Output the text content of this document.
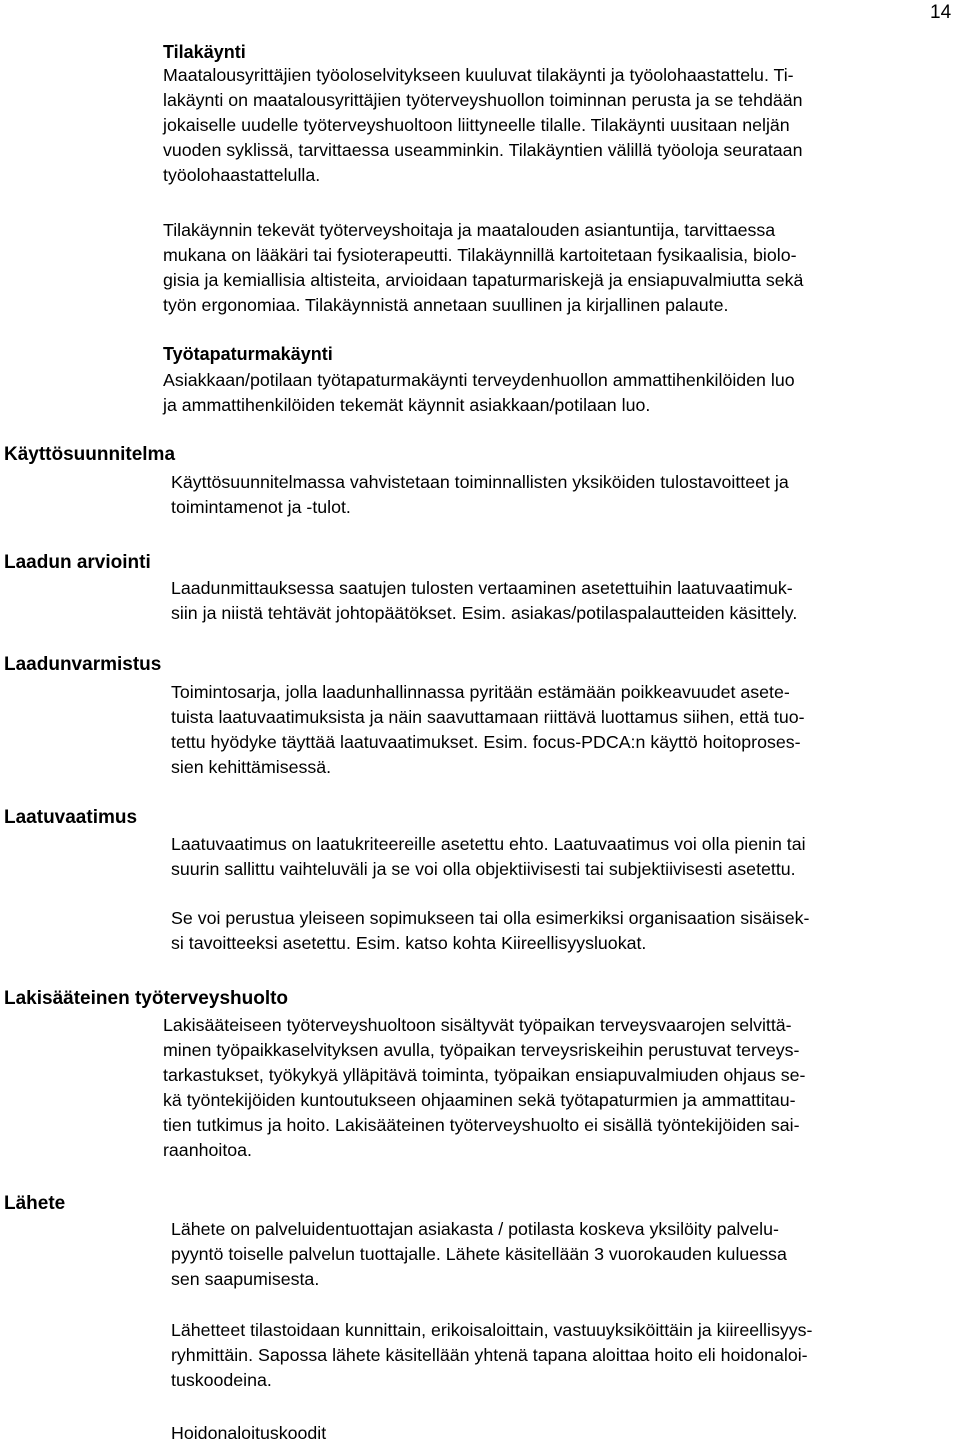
14
Tilakäynti
Maatalousyrittäjien työoloselvitykseen kuuluvat tilakäynti ja työolohaastattelu. Ti-
lakäynti on maatalousyrittäjien työterveyshuollon toiminnan perusta ja se tehdään
jokaiselle uudelle työterveyshuoltoon liittyneelle tilalle. Tilakäynti uusitaan neljän
vuoden syklissä, tarvittaessa useamminkin. Tilakäyntien välillä työoloja seurataan
työolohaastattelulla.
Tilakäynnin tekevät työterveyshoitaja ja maatalouden asiantuntija, tarvittaessa
mukana on lääkäri tai fysioterapeutti. Tilakäynnillä kartoitetaan fysikaalisia, biolo-
gisia ja kemiallisia altisteita, arvioidaan tapaturmariskejä ja ensiapuvalmiutta sekä
työn ergonomiaa. Tilakäynnistä annetaan suullinen ja kirjallinen palaute.
Työtapaturmakäynti
Asiakkaan/potilaan työtapaturmakäynti terveydenhuollon ammattihenkilöiden luo
ja ammattihenkilöiden tekemät käynnit asiakkaan/potilaan luo.
Käyttösuunnitelma
Käyttösuunnitelmassa vahvistetaan toiminnallisten yksiköiden tulostavoitteet ja
toimintamenot ja -tulot.
Laadun arviointi
Laadunmittauksessa saatujen tulosten vertaaminen asetettuihin laatuvaatimuk-
siin ja niistä tehtävät johtopäätökset. Esim. asiakas/potilaspalautteiden käsittely.
Laadunvarmistus
Toimintosarja, jolla laadunhallinnassa pyritään estämään poikkeavuudet asete-
tuista laatuvaatimuksista ja näin saavuttamaan riittävä luottamus siihen, että tuo-
tettu hyödyke täyttää laatuvaatimukset. Esim. focus-PDCA:n käyttö hoitoproses-
sien kehittämisessä.
Laatuvaatimus
Laatuvaatimus on laatukriteereille asetettu ehto. Laatuvaatimus voi olla pienin tai
suurin sallittu vaihteluväli ja se voi olla objektiivisesti tai subjektiivisesti asetettu.
Se voi perustua yleiseen sopimukseen tai olla esimerkiksi organisaation sisäisek-
si tavoitteeksi asetettu. Esim. katso kohta Kiireellisyysluokat.
Lakisääteinen työterveyshuolto
Lakisääteiseen työterveyshuoltoon sisältyvät työpaikan terveysvaarojen selvittä-
minen työpaikkaselvityksen avulla, työpaikan terveysriskeihin perustuvat terveys-
tarkastukset, työkykyä ylläpitävä toiminta, työpaikan ensiapuvalmiuden ohjaus se-
kä työntekijöiden kuntoutukseen ohjaaminen sekä työtapaturmien ja ammattitau-
tien tutkimus ja hoito. Lakisääteinen työterveyshuolto ei sisällä työntekijöiden sai-
raanhoitoa.
Lähete
Lähete on palveluidentuottajan asiakasta / potilasta koskeva yksilöity palvelu-
pyyntö toiselle palvelun tuottajalle. Lähete käsitellään 3 vuorokauden kuluessa
sen saapumisesta.
Lähetteet tilastoidaan kunnittain, erikoisaloittain, vastuuyksiköittäin ja kiireellisyys-
ryhmittäin. Sapossa lähete käsitellään yhtenä tapana aloittaa hoito eli hoidonaloi-
tuskoodeina.
Hoidonaloituskoodit
